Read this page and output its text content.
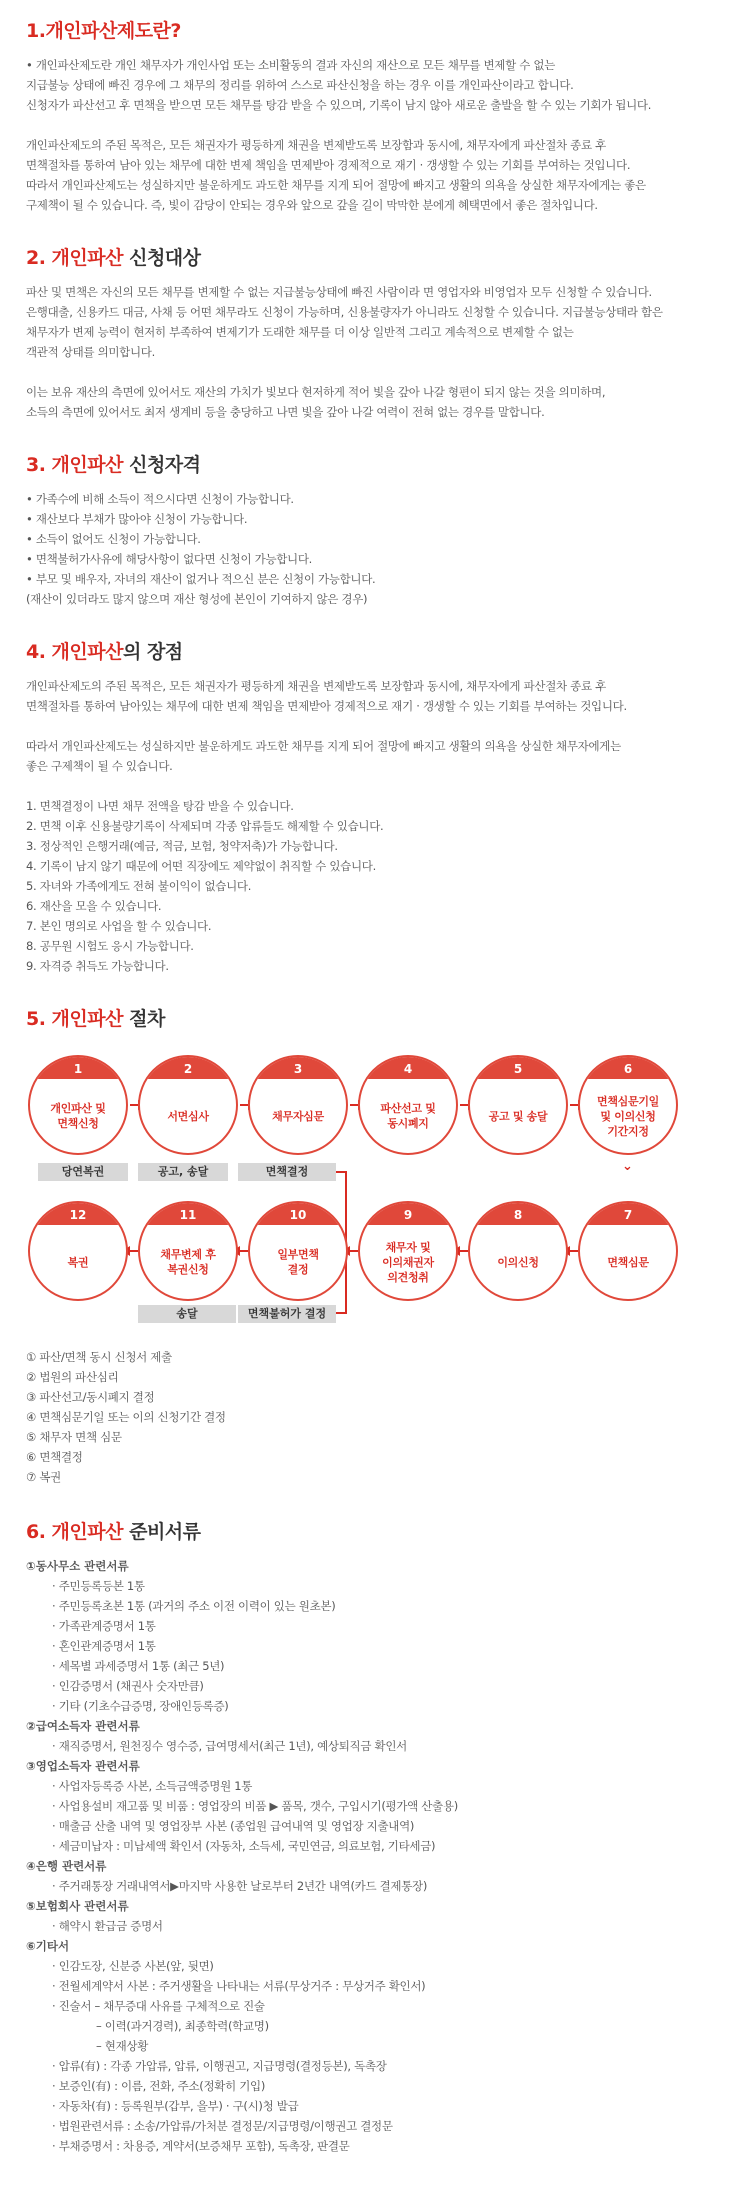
1.개인파산제도란?
• 개인파산제도란 개인 채무자가 개인사업 또는 소비활동의 결과 자신의 재산으로 모든 채무를 변제할 수 없는
지급불능 상태에 빠진 경우에 그 채무의 정리를 위하여 스스로 파산신청을 하는 경우 이를 개인파산이라고 합니다.
신청자가 파산선고 후 면책을 받으면 모든 채무를 탕감 받을 수 있으며, 기록이 남지 않아 새로운 출발을 할 수 있는 기회가 됩니다.
개인파산제도의 주된 목적은, 모든 채권자가 평등하게 채권을 변제받도록 보장함과 동시에, 채무자에게 파산절차 종료 후
면책절차를 통하여 남아 있는 채무에 대한 변제 책임을 면제받아 경제적으로 재기 · 갱생할 수 있는 기회를 부여하는 것입니다.
따라서 개인파산제도는 성실하지만 불운하게도 과도한 채무를 지게 되어 절망에 빠지고 생활의 의욕을 상실한 채무자에게는 좋은
구제책이 될 수 있습니다. 즉, 빛이 감당이 안되는 경우와 앞으로 갚을 길이 막막한 분에게 혜택면에서 좋은 절차입니다.
2. 개인파산 신청대상
파산 및 면책은 자신의 모든 채무를 변제할 수 없는 지급불능상태에 빠진 사람이라 면 영업자와 비영업자 모두 신청할 수 있습니다.
은행대출, 신용카드 대금, 사채 등 어떤 채무라도 신청이 가능하며, 신용불량자가 아니라도 신청할 수 있습니다. 지급불능상태라 함은
채무자가 변제 능력이 현저히 부족하여 변제기가 도래한 채무를 더 이상 일반적 그리고 계속적으로 변제할 수 없는
객관적 상태를 의미합니다.
이는 보유 재산의 측면에 있어서도 재산의 가치가 빛보다 현저하게 적어 빛을 갚아 나갈 형편이 되지 않는 것을 의미하며,
소득의 측면에 있어서도 최저 생계비 등을 충당하고 나면 빛을 갚아 나갈 여력이 전혀 없는 경우를 말합니다.
3. 개인파산 신청자격
• 가족수에 비해 소득이 적으시다면 신청이 가능합니다.
• 재산보다 부채가 많아야 신청이 가능합니다.
• 소득이 없어도 신청이 가능합니다.
• 면책불허가사유에 해당사항이 없다면 신청이 가능합니다.
• 부모 및 배우자, 자녀의 재산이 없거나 적으신 분은 신청이 가능합니다.
(재산이 있더라도 많지 않으며 재산 형성에 본인이 기여하지 않은 경우)
4. 개인파산의 장점
개인파산제도의 주된 목적은, 모든 채권자가 평등하게 채권을 변제받도록 보장함과 동시에, 채무자에게 파산절차 종료 후
면책절차를 통하여 남아있는 채무에 대한 변제 책임을 면제받아 경제적으로 재기 · 갱생할 수 있는 기회를 부여하는 것입니다.
따라서 개인파산제도는 성실하지만 불운하게도 과도한 채무를 지게 되어 절망에 빠지고 생활의 의욕을 상실한 채무자에게는
좋은 구제책이 될 수 있습니다.
1. 면책결정이 나면 채무 전액을 탕감 받을 수 있습니다.
2. 면책 이후 신용불량기록이 삭제되며 각종 압류들도 해제할 수 있습니다.
3. 정상적인 은행거래(예금, 적금, 보험, 청약저축)가 가능합니다.
4. 기록이 남지 않기 때문에 어떤 직장에도 제약없이 취직할 수 있습니다.
5. 자녀와 가족에게도 전혀 불이익이 없습니다.
6. 재산을 모을 수 있습니다.
7. 본인 명의로 사업을 할 수 있습니다.
8. 공무원 시험도 응시 가능합니다.
9. 자격증 취득도 가능합니다.
5. 개인파산 절차
1
개인파산 및
면책신청
2
서면심사
3
채무자심문
4
파산선고 및
동시폐지
5
공고 및 송달
6
면책심문기일
및 이의신청
기간지정
당연복권	공고, 송달	면책결정	⌄
12
복권
11
채무변제 후
복권신청
10
일부면책
결정
9
채무자 및
이의채권자
의견청취
8
이의신청
7
면책심문
송달	면책불허가 결정
① 파산/면책 동시 신청서 제출
② 법원의 파산심리
③ 파산선고/동시폐지 결정
④ 면책심문기일 또는 이의 신청기간 결정
⑤ 채무자 면책 심문
⑥ 면책결정
⑦ 복권
6. 개인파산 준비서류
①동사무소 관련서류
· 주민등록등본 1통
· 주민등록초본 1통 (과거의 주소 이전 이력이 있는 원초본)
· 가족관계증명서 1통
· 혼인관계증명서 1통
· 세목별 과세증명서 1통 (최근 5년)
· 인감증명서 (채권사 숫자만큼)
· 기타 (기초수급증명, 장애인등록증)
②급여소득자 관련서류
· 재직증명서, 원천징수 영수증, 급여명세서(최근 1년), 예상퇴직금 확인서
③영업소득자 관련서류
· 사업자등록증 사본, 소득금액증명원 1통
· 사업용설비 재고품 및 비품 : 영업장의 비품 ▶ 품목, 갯수, 구입시기(평가액 산출용)
· 매출금 산출 내역 및 영업장부 사본 (종업원 급여내역 및 영업장 지출내역)
· 세금미납자 : 미납세액 확인서 (자동차, 소득세, 국민연금, 의료보험, 기타세금)
④은행 관련서류
· 주거래통장 거래내역서▶마지막 사용한 날로부터 2년간 내역(카드 결제통장)
⑤보험회사 관련서류
· 해약시 환급금 증명서
⑥기타서
· 인감도장, 신분증 사본(앞, 뒷면)
· 전월세계약서 사본 : 주거생활을 나타내는 서류(무상거주 : 무상거주 확인서)
· 진술서 – 채무증대 사유를 구체적으로 진술
– 이력(과거경력), 최종학력(학교명)
– 현재상황
· 압류(有) : 각종 가압류, 압류, 이행권고, 지급명령(결정등본), 독촉장
· 보증인(有) : 이름, 전화, 주소(정확히 기입)
· 자동차(有) : 등록원부(갑부, 을부) · 구(시)청 발급
· 법원관련서류 : 소송/가압류/가처분 결정문/지급명령/이행권고 결정문
· 부채증명서 : 차용증, 계약서(보증채무 포함), 독촉장, 판결문
